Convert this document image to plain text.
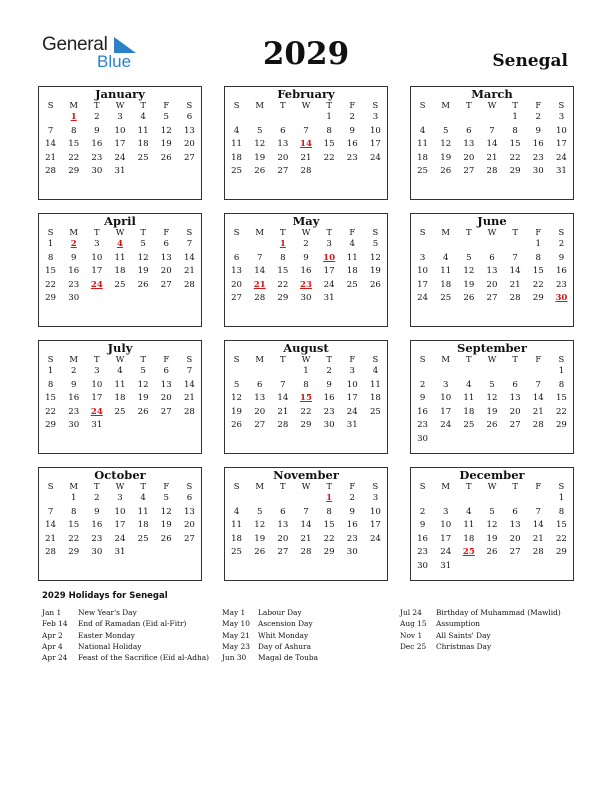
General
Blue	2029	Senegal
January
S	M	T	W	T	F	S
	1	2	3	4	5	6
7	8	9	10	11	12	13
14	15	16	17	18	19	20
21	22	23	24	25	26	27
28	29	30	31			

February
S	M	T	W	T	F	S
				1	2	3
4	5	6	7	8	9	10
11	12	13	14	15	16	17
18	19	20	21	22	23	24
25	26	27	28			

March
S	M	T	W	T	F	S
				1	2	3
4	5	6	7	8	9	10
11	12	13	14	15	16	17
18	19	20	21	22	23	24
25	26	27	28	29	30	31

April
S	M	T	W	T	F	S
1	2	3	4	5	6	7
8	9	10	11	12	13	14
15	16	17	18	19	20	21
22	23	24	25	26	27	28
29	30					

May
S	M	T	W	T	F	S
		1	2	3	4	5
6	7	8	9	10	11	12
13	14	15	16	17	18	19
20	21	22	23	24	25	26
27	28	29	30	31		

June
S	M	T	W	T	F	S
					1	2
3	4	5	6	7	8	9
10	11	12	13	14	15	16
17	18	19	20	21	22	23
24	25	26	27	28	29	30

July
S	M	T	W	T	F	S
1	2	3	4	5	6	7
8	9	10	11	12	13	14
15	16	17	18	19	20	21
22	23	24	25	26	27	28
29	30	31				

August
S	M	T	W	T	F	S
			1	2	3	4
5	6	7	8	9	10	11
12	13	14	15	16	17	18
19	20	21	22	23	24	25
26	27	28	29	30	31	

September
S	M	T	W	T	F	S
						1
2	3	4	5	6	7	8
9	10	11	12	13	14	15
16	17	18	19	20	21	22
23	24	25	26	27	28	29
30						
October
S	M	T	W	T	F	S
	1	2	3	4	5	6
7	8	9	10	11	12	13
14	15	16	17	18	19	20
21	22	23	24	25	26	27
28	29	30	31			

November
S	M	T	W	T	F	S
				1	2	3
4	5	6	7	8	9	10
11	12	13	14	15	16	17
18	19	20	21	22	23	24
25	26	27	28	29	30	

December
S	M	T	W	T	F	S
						1
2	3	4	5	6	7	8
9	10	11	12	13	14	15
16	17	18	19	20	21	22
23	24	25	26	27	28	29
30	31					
2029 Holidays for Senegal
Jan 1 New Year's Day
Feb 14 End of Ramadan (Eid al-Fitr)
Apr 2 Easter Monday
Apr 4 National Holiday
Apr 24 Feast of the Sacrifice (Eid al-Adha)
May 1 Labour Day
May 10 Ascension Day
May 21 Whit Monday
May 23 Day of Ashura
Jun 30 Magal de Touba
Jul 24 Birthday of Muhammad (Mawlid)
Aug 15 Assumption
Nov 1 All Saints' Day
Dec 25 Christmas Day
